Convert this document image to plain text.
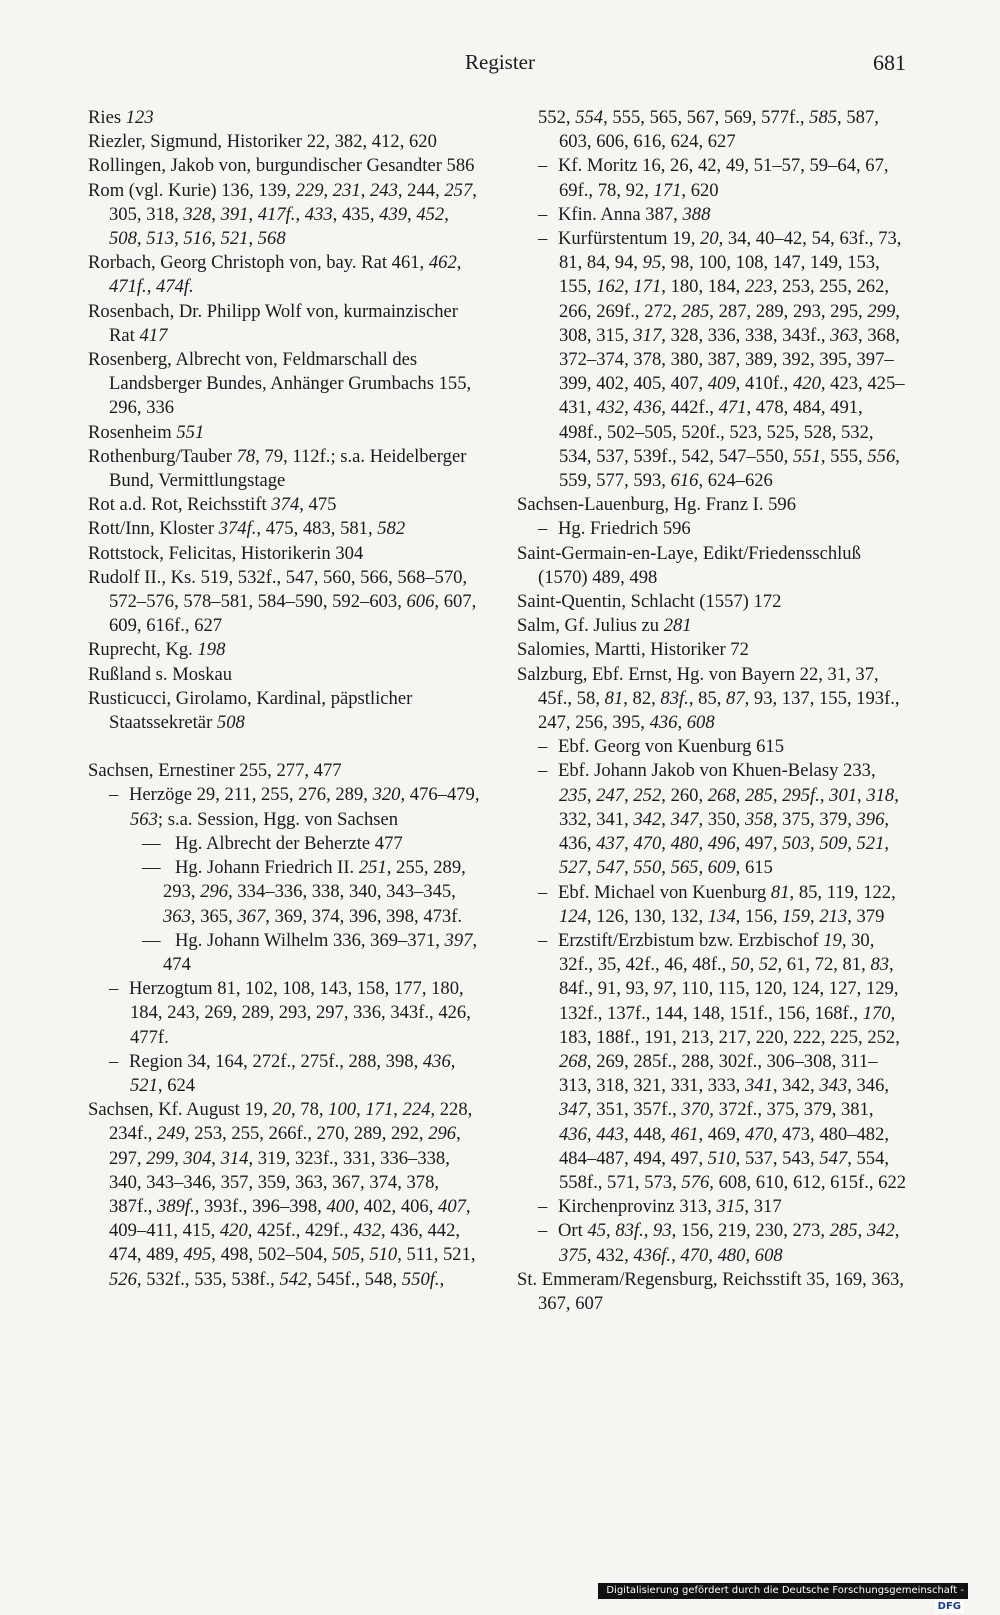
Register	681
Ries 123
Riezler, Sigmund, Historiker 22, 382, 412, 620
Rollingen, Jakob von, burgundischer Gesandter 586
Rom (vgl. Kurie) 136, 139, 229, 231, 243, 244, 257, 305, 318, 328, 391, 417f., 433, 435, 439, 452, 508, 513, 516, 521, 568
Rorbach, Georg Christoph von, bay. Rat 461, 462, 471f., 474f.
Rosenbach, Dr. Philipp Wolf von, kurmainzischer Rat 417
Rosenberg, Albrecht von, Feldmarschall des Landsberger Bundes, Anhänger Grumbachs 155, 296, 336
Rosenheim 551
Rothenburg/Tauber 78, 79, 112f.; s.a. Heidelberger Bund, Vermittlungstage
Rot a.d. Rot, Reichsstift 374, 475
Rott/Inn, Kloster 374f., 475, 483, 581, 582
Rottstock, Felicitas, Historikerin 304
Rudolf II., Ks. 519, 532f., 547, 560, 566, 568–570, 572–576, 578–581, 584–590, 592–603, 606, 607, 609, 616f., 627
Ruprecht, Kg. 198
Rußland s. Moskau
Rusticucci, Girolamo, Kardinal, päpstlicher Staatssekretär 508
Sachsen, Ernestiner 255, 277, 477
– Herzöge 29, 211, 255, 276, 289, 320, 476–479, 563; s.a. Session, Hgg. von Sachsen
–– Hg. Albrecht der Beherzte 477
–– Hg. Johann Friedrich II. 251, 255, 289, 293, 296, 334–336, 338, 340, 343–345, 363, 365, 367, 369, 374, 396, 398, 473f.
–– Hg. Johann Wilhelm 336, 369–371, 397, 474
– Herzogtum 81, 102, 108, 143, 158, 177, 180, 184, 243, 269, 289, 293, 297, 336, 343f., 426, 477f.
– Region 34, 164, 272f., 275f., 288, 398, 436, 521, 624
Sachsen, Kf. August 19, 20, 78, 100, 171, 224, 228, 234f., 249, 253, 255, 266f., 270, 289, 292, 296, 297, 299, 304, 314, 319, 323f., 331, 336–338, 340, 343–346, 357, 359, 363, 367, 374, 378, 387f., 389f., 393f., 396–398, 400, 402, 406, 407, 409–411, 415, 420, 425f., 429f., 432, 436, 442, 474, 489, 495, 498, 502–504, 505, 510, 511, 521, 526, 532f., 535, 538f., 542, 545f., 548, 550f.,
552, 554, 555, 565, 567, 569, 577f., 585, 587, 603, 606, 616, 624, 627
– Kf. Moritz 16, 26, 42, 49, 51–57, 59–64, 67, 69f., 78, 92, 171, 620
– Kfin. Anna 387, 388
– Kurfürstentum 19, 20, 34, 40–42, 54, 63f., 73, 81, 84, 94, 95, 98, 100, 108, 147, 149, 153, 155, 162, 171, 180, 184, 223, 253, 255, 262, 266, 269f., 272, 285, 287, 289, 293, 295, 299, 308, 315, 317, 328, 336, 338, 343f., 363, 368, 372–374, 378, 380, 387, 389, 392, 395, 397–399, 402, 405, 407, 409, 410f., 420, 423, 425–431, 432, 436, 442f., 471, 478, 484, 491, 498f., 502–505, 520f., 523, 525, 528, 532, 534, 537, 539f., 542, 547–550, 551, 555, 556, 559, 577, 593, 616, 624–626
Sachsen-Lauenburg, Hg. Franz I. 596
– Hg. Friedrich 596
Saint-Germain-en-Laye, Edikt/Friedensschluß (1570) 489, 498
Saint-Quentin, Schlacht (1557) 172
Salm, Gf. Julius zu 281
Salomies, Martti, Historiker 72
Salzburg, Ebf. Ernst, Hg. von Bayern 22, 31, 37, 45f., 58, 81, 82, 83f., 85, 87, 93, 137, 155, 193f., 247, 256, 395, 436, 608
– Ebf. Georg von Kuenburg 615
– Ebf. Johann Jakob von Khuen-Belasy 233, 235, 247, 252, 260, 268, 285, 295f., 301, 318, 332, 341, 342, 347, 350, 358, 375, 379, 396, 436, 437, 470, 480, 496, 497, 503, 509, 521, 527, 547, 550, 565, 609, 615
– Ebf. Michael von Kuenburg 81, 85, 119, 122, 124, 126, 130, 132, 134, 156, 159, 213, 379
– Erzstift/Erzbistum bzw. Erzbischof 19, 30, 32f., 35, 42f., 46, 48f., 50, 52, 61, 72, 81, 83, 84f., 91, 93, 97, 110, 115, 120, 124, 127, 129, 132f., 137f., 144, 148, 151f., 156, 168f., 170, 183, 188f., 191, 213, 217, 220, 222, 225, 252, 268, 269, 285f., 288, 302f., 306–308, 311–313, 318, 321, 331, 333, 341, 342, 343, 346, 347, 351, 357f., 370, 372f., 375, 379, 381, 436, 443, 448, 461, 469, 470, 473, 480–482, 484–487, 494, 497, 510, 537, 543, 547, 554, 558f., 571, 573, 576, 608, 610, 612, 615f., 622
– Kirchenprovinz 313, 315, 317
– Ort 45, 83f., 93, 156, 219, 230, 273, 285, 342, 375, 432, 436f., 470, 480, 608
St. Emmeram/Regensburg, Reichsstift 35, 169, 363, 367, 607
Digitalisierung gefördert durch die Deutsche Forschungsgemeinschaft -DFG
